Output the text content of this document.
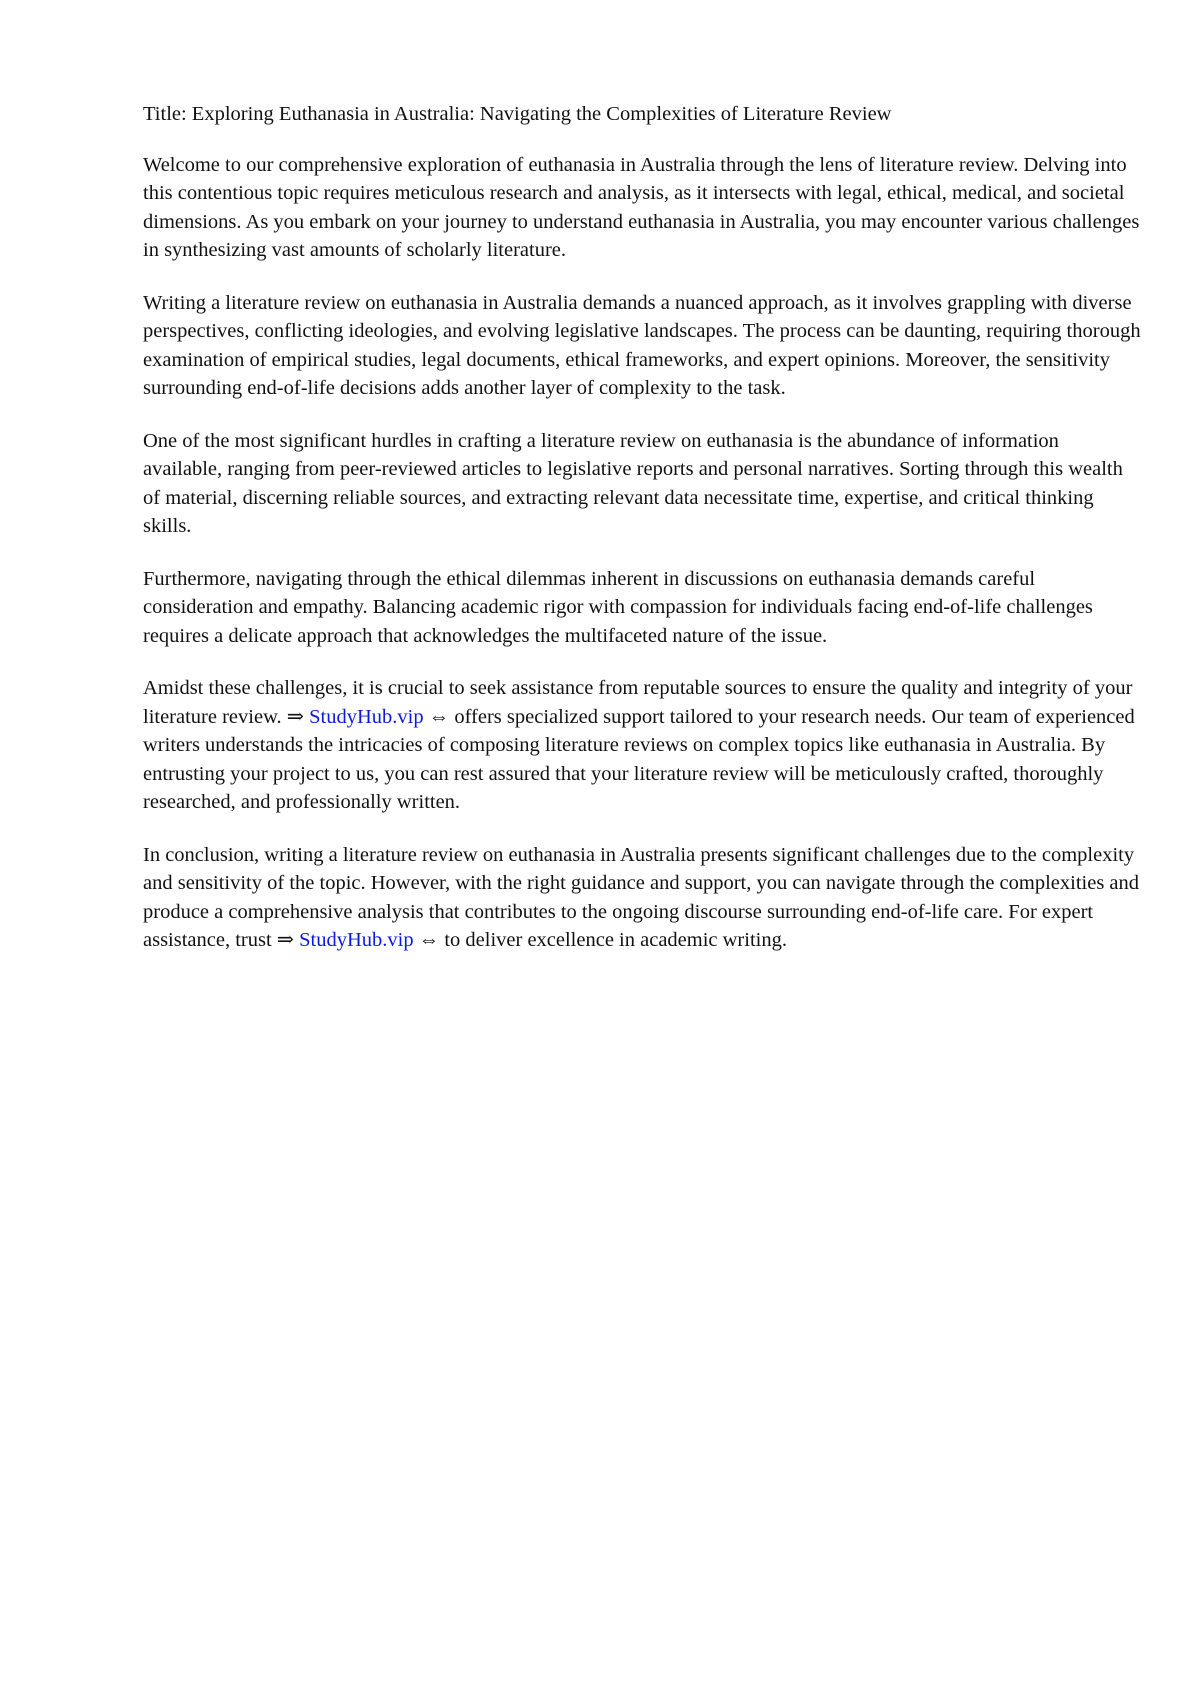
Title: Exploring Euthanasia in Australia: Navigating the Complexities of Literature Review

Welcome to our comprehensive exploration of euthanasia in Australia through the lens of literature review. Delving into this contentious topic requires meticulous research and analysis, as it intersects with legal, ethical, medical, and societal dimensions. As you embark on your journey to understand euthanasia in Australia, you may encounter various challenges in synthesizing vast amounts of scholarly literature.

Writing a literature review on euthanasia in Australia demands a nuanced approach, as it involves grappling with diverse perspectives, conflicting ideologies, and evolving legislative landscapes. The process can be daunting, requiring thorough examination of empirical studies, legal documents, ethical frameworks, and expert opinions. Moreover, the sensitivity surrounding end-of-life decisions adds another layer of complexity to the task.

One of the most significant hurdles in crafting a literature review on euthanasia is the abundance of information available, ranging from peer-reviewed articles to legislative reports and personal narratives. Sorting through this wealth of material, discerning reliable sources, and extracting relevant data necessitate time, expertise, and critical thinking skills.

Furthermore, navigating through the ethical dilemmas inherent in discussions on euthanasia demands careful consideration and empathy. Balancing academic rigor with compassion for individuals facing end-of-life challenges requires a delicate approach that acknowledges the multifaceted nature of the issue.

Amidst these challenges, it is crucial to seek assistance from reputable sources to ensure the quality and integrity of your literature review. ⇒ StudyHub.vip ⇔ offers specialized support tailored to your research needs. Our team of experienced writers understands the intricacies of composing literature reviews on complex topics like euthanasia in Australia. By entrusting your project to us, you can rest assured that your literature review will be meticulously crafted, thoroughly researched, and professionally written.

In conclusion, writing a literature review on euthanasia in Australia presents significant challenges due to the complexity and sensitivity of the topic. However, with the right guidance and support, you can navigate through the complexities and produce a comprehensive analysis that contributes to the ongoing discourse surrounding end-of-life care. For expert assistance, trust ⇒ StudyHub.vip ⇔ to deliver excellence in academic writing.
